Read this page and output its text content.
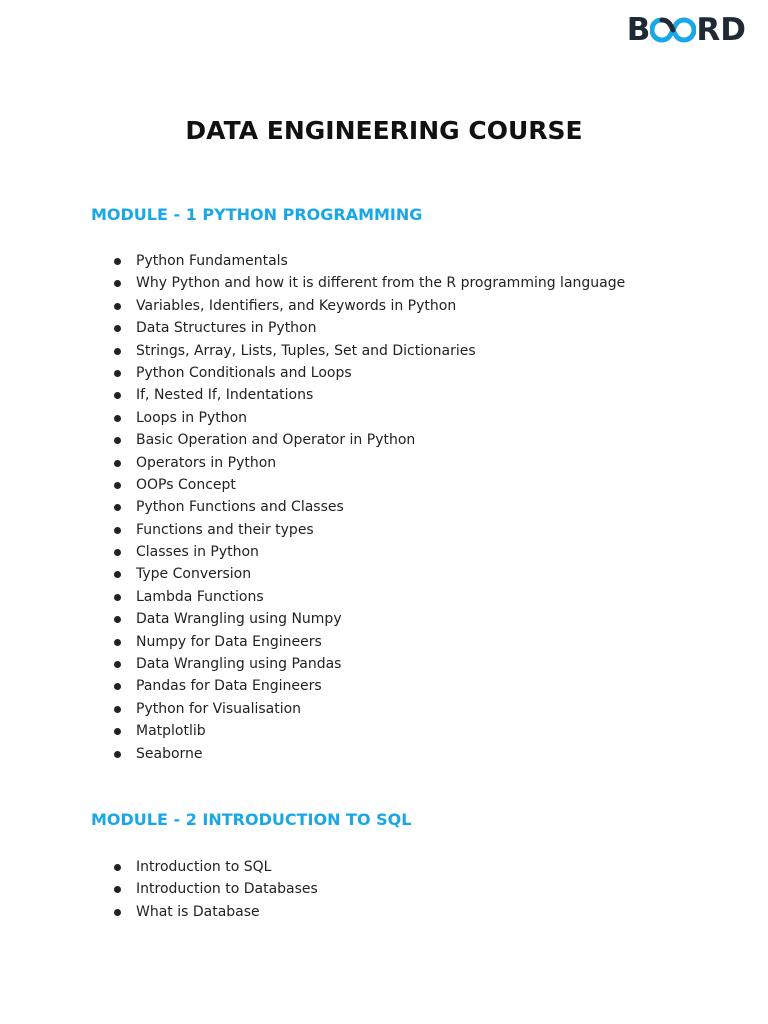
B RD
DATA ENGINEERING COURSE
MODULE - 1 PYTHON PROGRAMMING
Python Fundamentals
Why Python and how it is different from the R programming language
Variables, Identifiers, and Keywords in Python
Data Structures in Python
Strings, Array, Lists, Tuples, Set and Dictionaries
Python Conditionals and Loops
If, Nested If, Indentations
Loops in Python
Basic Operation and Operator in Python
Operators in Python
OOPs Concept
Python Functions and Classes
Functions and their types
Classes in Python
Type Conversion
Lambda Functions
Data Wrangling using Numpy
Numpy for Data Engineers
Data Wrangling using Pandas
Pandas for Data Engineers
Python for Visualisation
Matplotlib
Seaborne
MODULE - 2 INTRODUCTION TO SQL
Introduction to SQL
Introduction to Databases
What is Database
